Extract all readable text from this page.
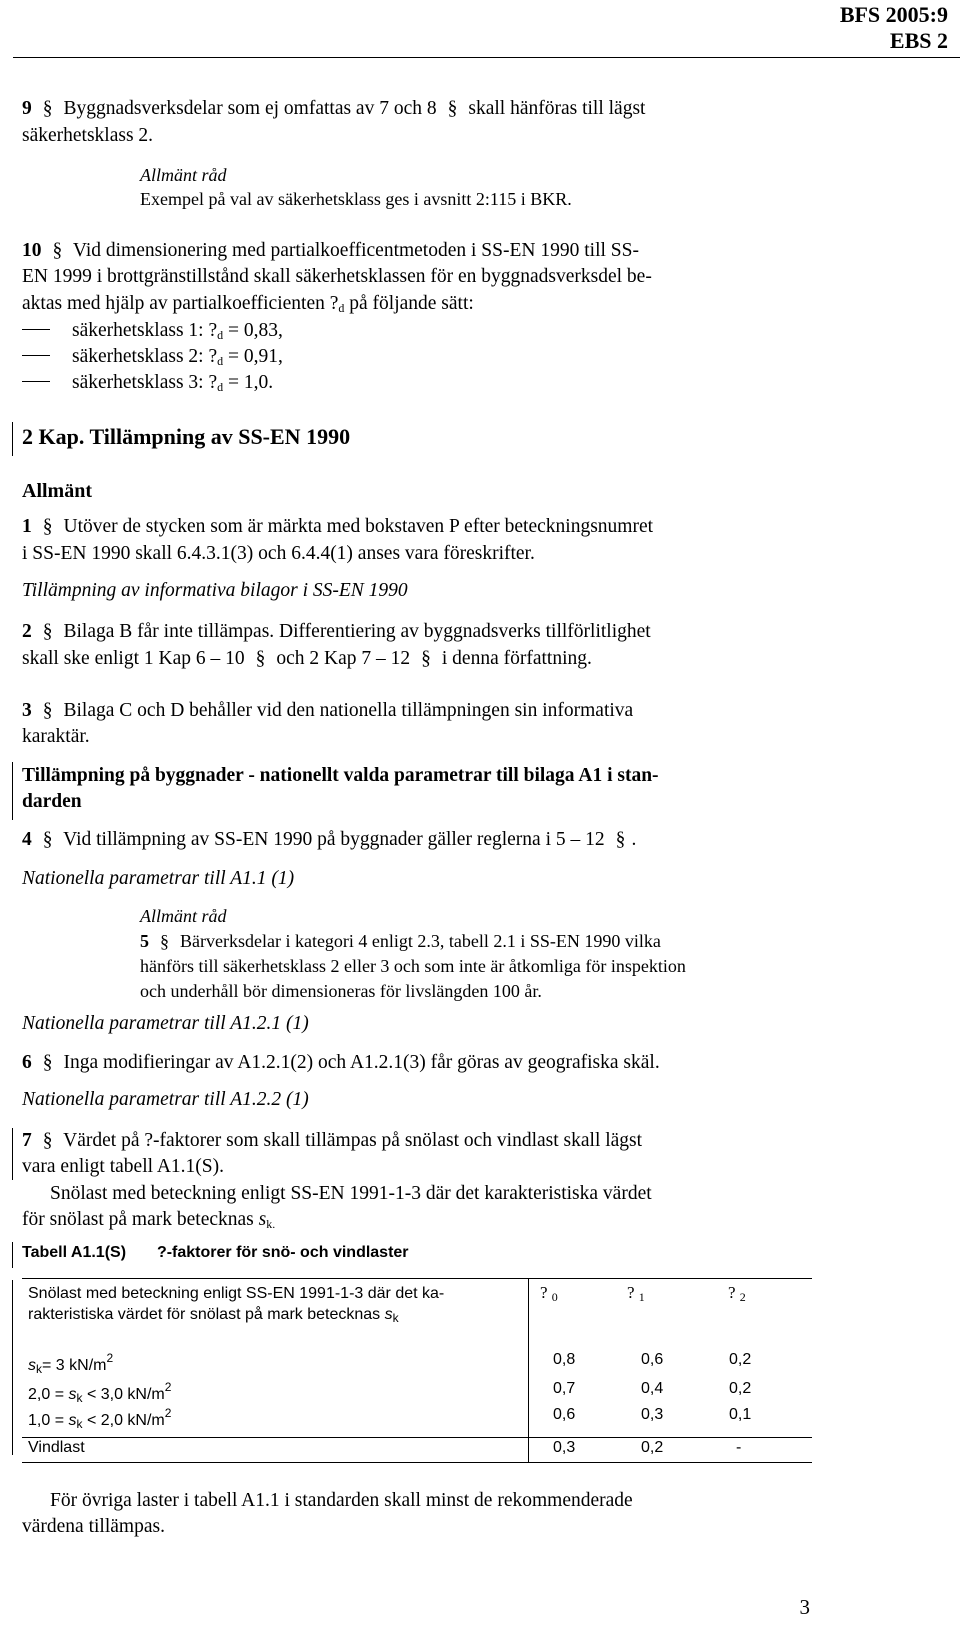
BFS 2005:9
EBS 2
9 § Byggnadsverksdelar som ej omfattas av 7 och 8 § skall hänföras till lägst
säkerhetsklass 2.
Allmänt råd
Exempel på val av säkerhetsklass ges i avsnitt 2:115 i BKR.
10 § Vid dimensionering med partialkoefficentmetoden i SS-EN 1990 till SS-
EN 1999 i brottgränstillstånd skall säkerhetsklassen för en byggnadsverksdel be-
aktas med hjälp av partialkoefficienten $?_d$ på följande sätt:
säkerhetsklass 1: $?_d = 0,83$,
säkerhetsklass 2: $?_d = 0,91$,
säkerhetsklass 3: $?_d = 1,0$.
2 Kap. Tillämpning av SS-EN 1990
Allmänt
1 § Utöver de stycken som är märkta med bokstaven P efter beteckningsnumret
i SS-EN 1990 skall 6.4.3.1(3) och 6.4.4(1) anses vara föreskrifter.
Tillämpning av informativa bilagor i SS-EN 1990
2 § Bilaga B får inte tillämpas. Differentiering av byggnadsverks tillförlitlighet
skall ske enligt 1 Kap 6 – 10 § och 2 Kap 7 – 12 § i denna författning.
3 § Bilaga C och D behåller vid den nationella tillämpningen sin informativa
karaktär.
Tillämpning på byggnader - nationellt valda parametrar till bilaga A1 i stan-
darden
4 § Vid tillämpning av SS-EN 1990 på byggnader gäller reglerna i 5 – 12 § .
Nationella parametrar till A1.1 (1)
Allmänt råd
5 § Bärverksdelar i kategori 4 enligt 2.3, tabell 2.1 i SS-EN 1990 vilka
hänförs till säkerhetsklass 2 eller 3 och som inte är åtkomliga för inspektion
och underhåll bör dimensioneras för livslängden 100 år.
Nationella parametrar till A1.2.1 (1)
6 § Inga modifieringar av A1.2.1(2) och A1.2.1(3) får göras av geografiska skäl.
Nationella parametrar till A1.2.2 (1)
7 § Värdet på ?-faktorer som skall tillämpas på snölast och vindlast skall lägst
vara enligt tabell A1.1(S).
Snölast med beteckning enligt SS-EN 1991-1-3 där det karakteristiska värdet
för snölast på mark betecknas $s_{k.}$
Tabell A1.1(S) ?-faktorer för snö- och vindlaster
Snölast med beteckning enligt SS-EN 1991-1-3 där det ka-
rakteristiska värdet för snölast på mark betecknas $s_k$
? $_0$	? $_1$	? $_2$
$s_k= 3$ $kN/m^2$	0,8	0,6	0,2
$2,0 = s_k < 3,0$ $kN/m^2$	0,7	0,4	0,2
$1,0 = s_k < 2,0$ $kN/m^2$	0,6	0,3	0,1
Vindlast	0,3	0,2	-
För övriga laster i tabell A1.1 i standarden skall minst de rekommenderade
värdena tillämpas.
3
